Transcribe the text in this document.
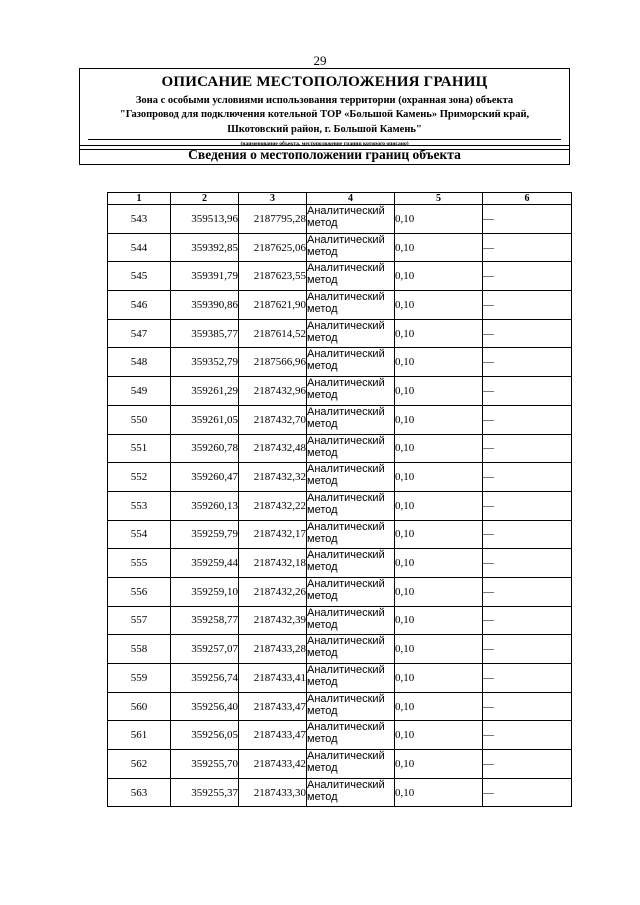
29
ОПИСАНИЕ МЕСТОПОЛОЖЕНИЯ ГРАНИЦ
Зона с особыми условиями использования территории (охранная зона) объекта
"Газопровод для подключения котельной ТОР «Большой Камень» Приморский край,
Шкотовский район, г. Большой Камень"
(наименование объекта, местоположение границ которого описано)
Сведения о местоположении границ объекта
1	2	3	4	5	6
543	359513,96	2187795,28	Аналитический метод	0,10	—
544	359392,85	2187625,06	Аналитический метод	0,10	—
545	359391,79	2187623,55	Аналитический метод	0,10	—
546	359390,86	2187621,90	Аналитический метод	0,10	—
547	359385,77	2187614,52	Аналитический метод	0,10	—
548	359352,79	2187566,96	Аналитический метод	0,10	—
549	359261,29	2187432,96	Аналитический метод	0,10	—
550	359261,05	2187432,70	Аналитический метод	0,10	—
551	359260,78	2187432,48	Аналитический метод	0,10	—
552	359260,47	2187432,32	Аналитический метод	0,10	—
553	359260,13	2187432,22	Аналитический метод	0,10	—
554	359259,79	2187432,17	Аналитический метод	0,10	—
555	359259,44	2187432,18	Аналитический метод	0,10	—
556	359259,10	2187432,26	Аналитический метод	0,10	—
557	359258,77	2187432,39	Аналитический метод	0,10	—
558	359257,07	2187433,28	Аналитический метод	0,10	—
559	359256,74	2187433,41	Аналитический метод	0,10	—
560	359256,40	2187433,47	Аналитический метод	0,10	—
561	359256,05	2187433,47	Аналитический метод	0,10	—
562	359255,70	2187433,42	Аналитический метод	0,10	—
563	359255,37	2187433,30	Аналитический метод	0,10	—
